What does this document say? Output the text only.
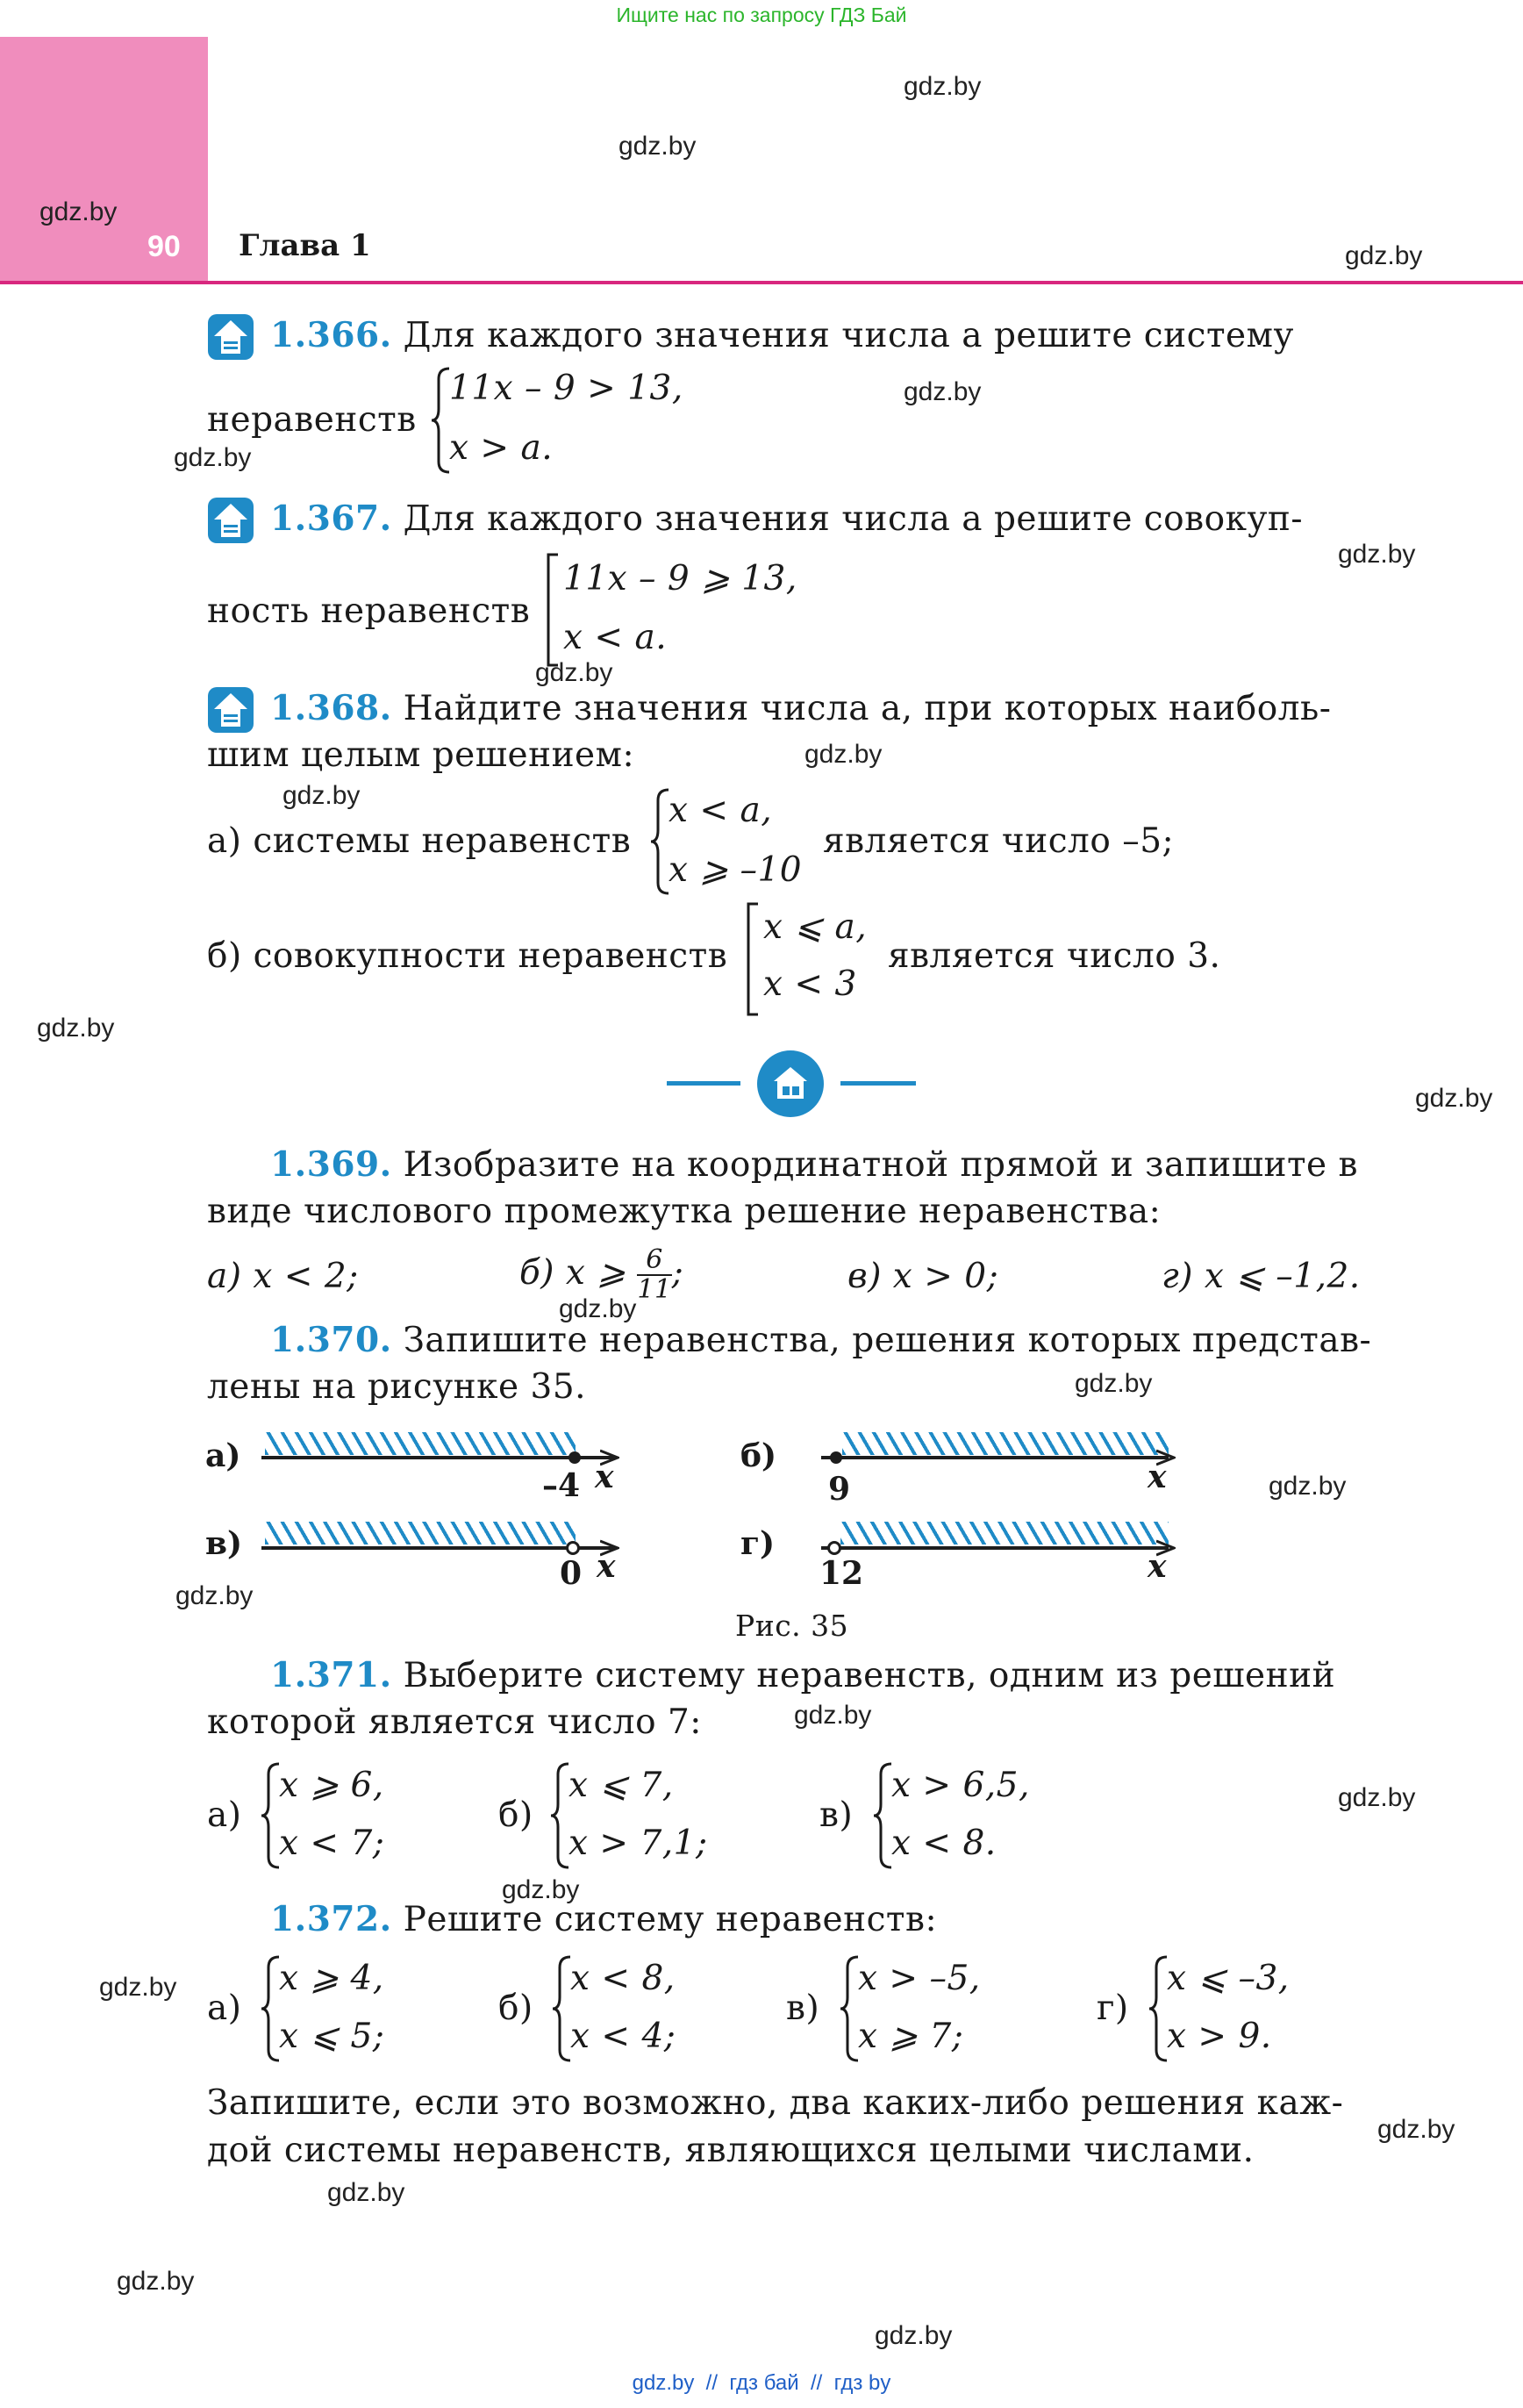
Ищите нас по запросу ГДЗ Бай
90 Глава 1
gdz.by
gdz.by
gdz.by
gdz.by
gdz.by
gdz.by
gdz.by
gdz.by
gdz.by
gdz.by
gdz.by
gdz.by
gdz.by
gdz.by
gdz.by
gdz.by
gdz.by
gdz.by
gdz.by
gdz.by
gdz.by
gdz.by
gdz.by
gdz.by
1.366. Для каждого значения числа a решите систему
неравенств
11x – 9 > 13,
x > a.
1.367. Для каждого значения числа a решите совокуп-
ность неравенств
11x – 9 ⩾ 13,
x < a.
1.368. Найдите значения числа a, при которых наиболь-
шим целым решением:
а) системы неравенств
x < a,
x ⩾ –10
является число –5;
б) совокупности неравенств
x ⩽ a,
x < 3
является число 3.
1.369. Изобразите на координатной прямой и запишите в
виде числового промежутка решение неравенства:
а) x < 2;	б) x ⩾ $\frac{6}{11}$ ;	в) x > 0;	г) x ⩽ –1,2.
1.370. Запишите неравенства, решения которых представ-
лены на рисунке 35.
а)
–4 x
б)
9	x
в)
0 x
г)
12	x
Рис. 35
1.371. Выберите систему неравенств, одним из решений
которой является число 7:
а)
x ⩾ 6,
x < 7;
б)
x ⩽ 7,
x > 7,1;
в)
x > 6,5,
x < 8.
1.372. Решите систему неравенств:
а)
x ⩾ 4,
x ⩽ 5;
б)
x < 8,
x < 4;
в)
x > –5,
x ⩾ 7;
г)
x ⩽ –3,
x > 9.
Запишите, если это возможно, два каких-либо решения каж-
дой системы неравенств, являющихся целыми числами.
gdz.by  //  гдз бай  //  гдз by
